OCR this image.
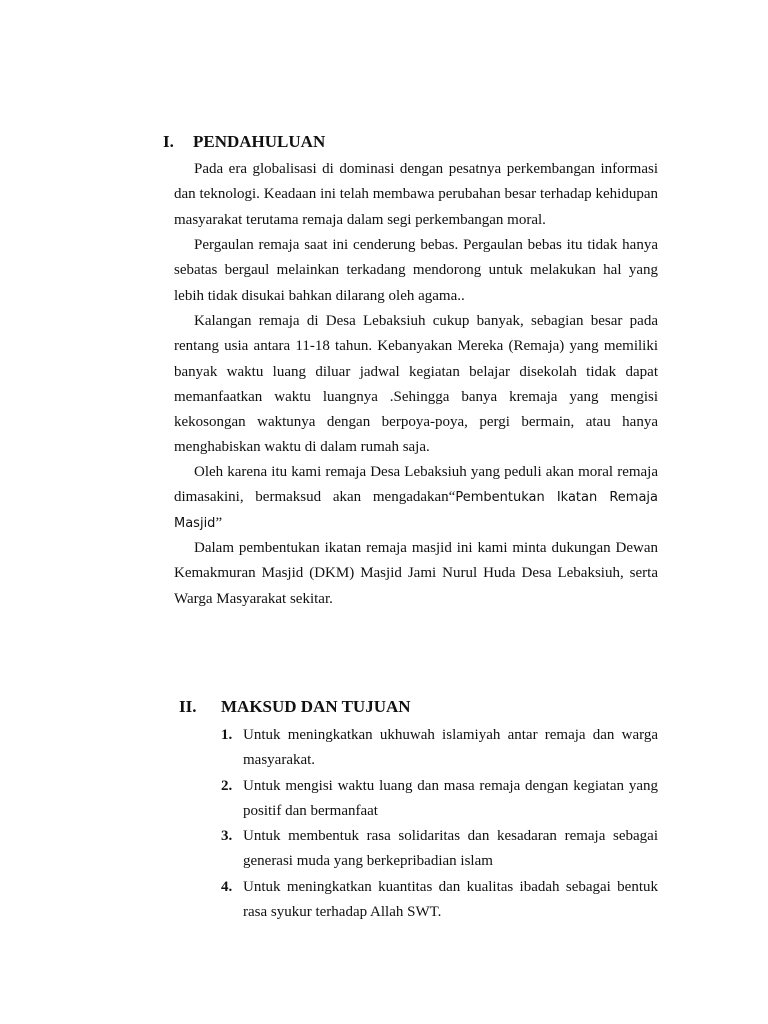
I. PENDAHULUAN

Pada era globalisasi di dominasi dengan pesatnya perkembangan informasi dan teknologi. Keadaan ini telah membawa perubahan besar terhadap kehidupan masyarakat terutama remaja dalam segi perkembangan moral.

Pergaulan remaja saat ini cenderung bebas. Pergaulan bebas itu tidak hanya sebatas bergaul melainkan terkadang mendorong untuk melakukan hal yang lebih tidak disukai bahkan dilarang oleh agama..

Kalangan remaja di Desa Lebaksiuh cukup banyak, sebagian besar pada rentang usia antara 11-18 tahun. Kebanyakan Mereka (Remaja) yang memiliki banyak waktu luang diluar jadwal kegiatan belajar disekolah tidak dapat memanfaatkan waktu luangnya .Sehingga banya kremaja yang mengisi kekosongan waktunya dengan berpoya-poya, pergi bermain, atau hanya menghabiskan waktu di dalam rumah saja.

Oleh karena itu kami remaja Desa Lebaksiuh yang peduli akan moral remaja dimasakini, bermaksud akan mengadakan“Pembentukan Ikatan Remaja Masjid”

Dalam pembentukan ikatan remaja masjid ini kami minta dukungan Dewan Kemakmuran Masjid (DKM) Masjid Jami Nurul Huda Desa Lebaksiuh, serta Warga Masyarakat sekitar.

II. MAKSUD DAN TUJUAN
1. Untuk meningkatkan ukhuwah islamiyah antar remaja dan warga masyarakat.
2. Untuk mengisi waktu luang dan masa remaja dengan kegiatan yang positif dan bermanfaat
3. Untuk membentuk rasa solidaritas dan kesadaran remaja sebagai generasi muda yang berkepribadian islam
4. Untuk meningkatkan kuantitas dan kualitas ibadah sebagai bentuk rasa syukur terhadap Allah SWT.
